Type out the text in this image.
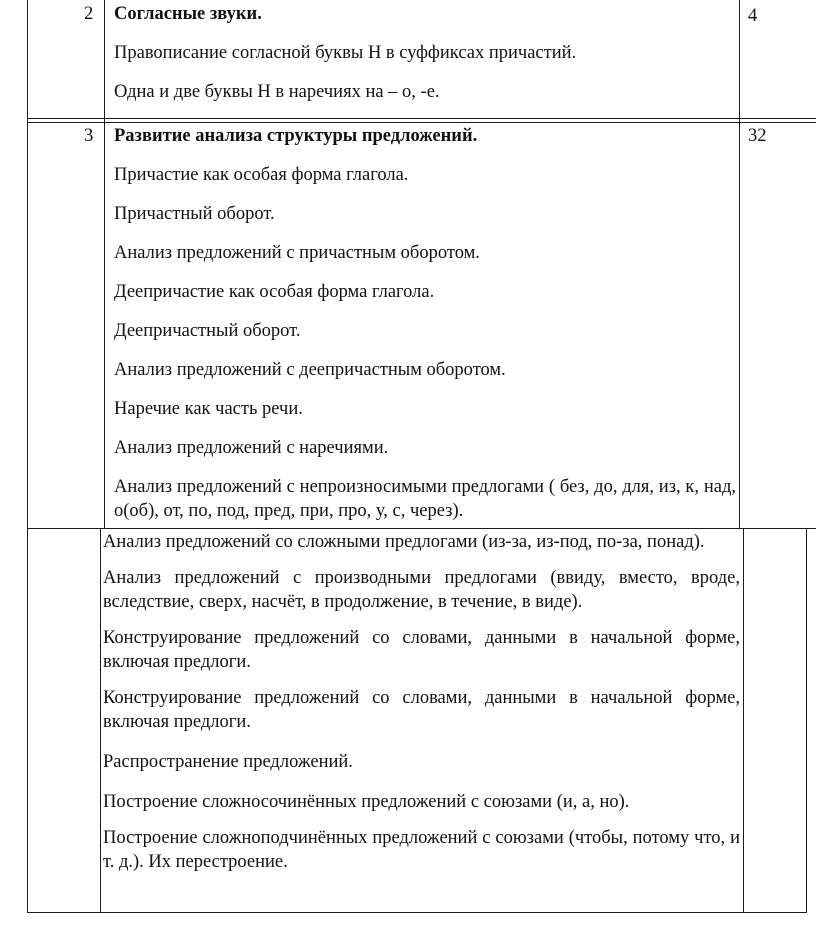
2 Согласные звуки.

Правописание согласной буквы Н в суффиксах причастий.

Одна и две буквы Н в наречиях на – о, -е.

4
3 Развитие анализа структуры предложений.

Причастие как особая форма глагола.

Причастный оборот.

Анализ предложений с причастным оборотом.

Деепричастие как особая форма глагола.

Деепричастный оборот.

Анализ предложений с деепричастным оборотом.

Наречие как часть речи.

Анализ предложений с наречиями.

Анализ предложений с непроизносимыми предлогами ( без, до, для, из, к, над, о(об), от, по, под, пред, при, про, у, с, через).

32

Анализ предложений со сложными предлогами (из-за, из-под, по-за, понад).

Анализ предложений с производными предлогами (ввиду, вместо, вроде, вследствие, сверх, насчёт, в продолжение, в течение, в виде).

Конструирование предложений со словами, данными в начальной форме, включая предлоги.

Конструирование предложений со словами, данными в начальной форме, включая предлоги.

Распространение предложений.

Построение сложносочинённых предложений с союзами (и, а, но).

Построение сложноподчинённых предложений с союзами (чтобы, потому что, и т. д.). Их перестроение.
